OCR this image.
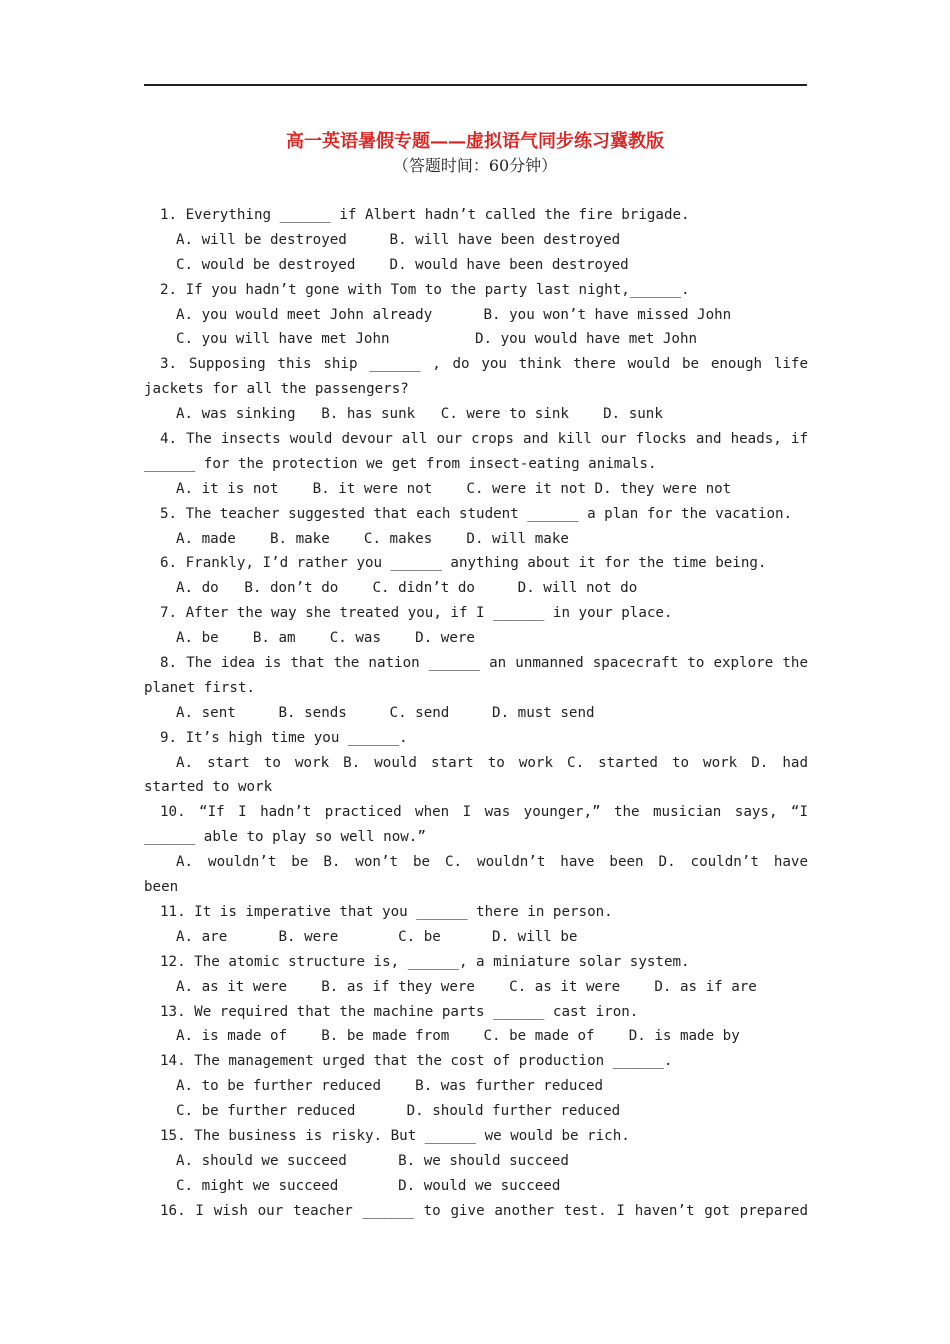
高一英语暑假专题——虚拟语气同步练习冀教版
（答题时间：60分钟）
1. Everything ______ if Albert hadn’t called the fire brigade.
A. will be destroyed     B. will have been destroyed
C. would be destroyed    D. would have been destroyed
2. If you hadn’t gone with Tom to the party last night,______.
A. you would meet John already      B. you won’t have missed John
C. you will have met John          D. you would have met John
3. Supposing this ship ______ , do you think there would be enough life
jackets for all the passengers?
A. was sinking   B. has sunk   C. were to sink    D. sunk
4. The insects would devour all our crops and kill our flocks and heads, if
______ for the protection we get from insect-eating animals.
A. it is not    B. it were not    C. were it not D. they were not
5. The teacher suggested that each student ______ a plan for the vacation.
A. made    B. make    C. makes    D. will make
6. Frankly, I’d rather you ______ anything about it for the time being.
A. do   B. don’t do    C. didn’t do     D. will not do
7. After the way she treated you, if I ______ in your place.
A. be    B. am    C. was    D. were
8. The idea is that the nation ______ an unmanned spacecraft to explore the
planet first.
A. sent     B. sends     C. send     D. must send
9. It’s high time you ______.
A. start to work B. would start to work C. started to work D. had
started to work
10. “If I hadn’t practiced when I was younger,” the musician says, “I
______ able to play so well now.”
A. wouldn’t be B. won’t be C. wouldn’t have been D. couldn’t have
been
11. It is imperative that you ______ there in person.
A. are      B. were       C. be      D. will be
12. The atomic structure is, ______, a miniature solar system.
A. as it were    B. as if they were    C. as it were    D. as if are
13. We required that the machine parts ______ cast iron.
A. is made of    B. be made from    C. be made of    D. is made by
14. The management urged that the cost of production ______.
A. to be further reduced    B. was further reduced
C. be further reduced      D. should further reduced
15. The business is risky. But ______ we would be rich.
A. should we succeed      B. we should succeed
C. might we succeed       D. would we succeed
16. I wish our teacher ______ to give another test. I haven’t got prepared
